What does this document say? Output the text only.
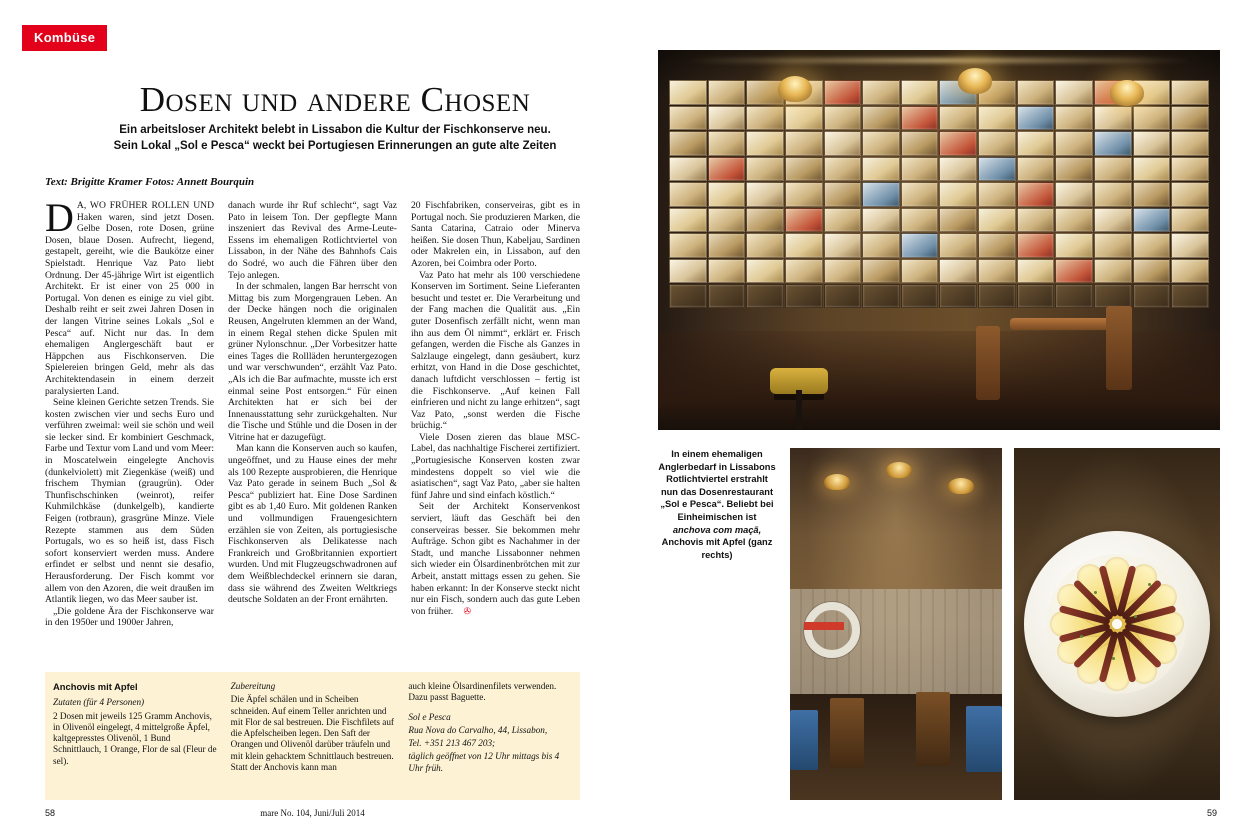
Kombüse
Dosen und andere Chosen
Ein arbeitsloser Architekt belebt in Lissabon die Kultur der Fischkonserve neu.
Sein Lokal „Sol e Pesca“ weckt bei Portugiesen Erinnerungen an gute alte Zeiten
Text: Brigitte Kramer Fotos: Annett Bourquin

D A, WO FRÜHER ROLLEN UND Haken waren, sind jetzt Dosen. Gelbe Dosen, rote Dosen, grüne Dosen, blaue Dosen. Aufrecht, liegend, gestapelt, gereiht, wie die Baukötze einer Spielstadt. Henrique Vaz Pato liebt Ordnung. Der 45-jährige Wirt ist eigentlich Architekt. Er ist einer von 25 000 in Portugal. Von denen es einige zu viel gibt. Deshalb reiht er seit zwei Jahren Dosen in der langen Vitrine seines Lokals „Sol e Pesca“ auf. Nicht nur das. In dem ehemaligen Anglergeschäft baut er Häppchen aus Fischkonserven. Die Spielereien bringen Geld, mehr als das Architektendasein in einem derzeit paralysierten Land.

Seine kleinen Gerichte setzen Trends. Sie kosten zwischen vier und sechs Euro und verführen zweimal: weil sie schön und weil sie lecker sind. Er kombiniert Geschmack, Farbe und Textur vom Land und vom Meer: in Moscatelwein eingelegte Anchovis (dunkelviolett) mit Ziegenkäse (weiß) und frischem Thymian (graugrün). Oder Thunfischschinken (weinrot), reifer Kuhmilchkäse (dunkelgelb), kandierte Feigen (rotbraun), grasgrüne Minze. Viele Rezepte stammen aus dem Süden Portugals, wo es so heiß ist, dass Fisch sofort konserviert werden muss. Andere erfindet er selbst und nennt sie desafio, Herausforderung. Der Fisch kommt vor allem von den Azoren, die weit draußen im Atlantik liegen, wo das Meer sauber ist.

„Die goldene Ära der Fischkonserve war in den 1950er und 1900er Jahren,

danach wurde ihr Ruf schlecht“, sagt Vaz Pato in leisem Ton. Der gepflegte Mann inszeniert das Revival des Arme-Leute-Essens im ehemaligen Rotlichtviertel von Lissabon, in der Nähe des Bahnhofs Cais do Sodré, wo auch die Fähren über den Tejo anlegen.

In der schmalen, langen Bar herrscht von Mittag bis zum Morgengrauen Leben. An der Decke hängen noch die originalen Reusen, Angelruten klemmen an der Wand, in einem Regal stehen dicke Spulen mit grüner Nylonschnur. „Der Vorbesitzer hatte eines Tages die Rollläden heruntergezogen und war verschwunden“, erzählt Vaz Pato. „Als ich die Bar aufmachte, musste ich erst einmal seine Post entsorgen.“ Für einen Architekten hat er sich bei der Innenausstattung sehr zurückgehalten. Nur die Tische und Stühle und die Dosen in der Vitrine hat er dazugefügt.

Man kann die Konserven auch so kaufen, ungeöffnet, und zu Hause eines der mehr als 100 Rezepte ausprobieren, die Henrique Vaz Pato gerade in seinem Buch „Sol & Pesca“ publiziert hat. Eine Dose Sardinen gibt es ab 1,40 Euro. Mit goldenen Ranken und vollmundigen Frauengesichtern erzählen sie von Zeiten, als portugiesische Fischkonserven als Delikatesse nach Frankreich und Großbritannien exportiert wurden. Und mit Flugzeugschwadronen auf dem Weißblechdeckel erinnern sie daran, dass sie während des Zweiten Weltkriegs deutsche Soldaten an der Front ernährten.

20 Fischfabriken, conserveiras, gibt es in Portugal noch. Sie produzieren Marken, die Santa Catarina, Catraio oder Minerva heißen. Sie dosen Thun, Kabeljau, Sardinen oder Makrelen ein, in Lissabon, auf den Azoren, bei Coimbra oder Porto.

Vaz Pato hat mehr als 100 verschiedene Konserven im Sortiment. Seine Lieferanten besucht und testet er. Die Verarbeitung und der Fang machen die Qualität aus. „Ein guter Dosenfisch zerfällt nicht, wenn man ihn aus dem Öl nimmt“, erklärt er. Frisch gefangen, werden die Fische als Ganzes in Salzlauge eingelegt, dann gesäubert, kurz erhitzt, von Hand in die Dose geschichtet, danach luftdicht verschlossen – fertig ist die Fischkonserve. „Auf keinen Fall einfrieren und nicht zu lange erhitzen“, sagt Vaz Pato, „sonst werden die Fische brüchig.“

Viele Dosen zieren das blaue MSC-Label, das nachhaltige Fischerei zertifiziert. „Portugiesische Konserven kosten zwar mindestens doppelt so viel wie die asiatischen“, sagt Vaz Pato, „aber sie halten fünf Jahre und sind einfach köstlich.“

Seit der Architekt Konservenkost serviert, läuft das Geschäft bei den conserveiras besser. Sie bekommen mehr Aufträge. Schon gibt es Nachahmer in der Stadt, und manche Lissabonner nehmen sich wieder ein Ölsardinenbrötchen mit zur Arbeit, anstatt mittags essen zu gehen. Sie haben erkannt: In der Konserve steckt nicht nur ein Fisch, sondern auch das gute Leben von früher. ✇

Anchovis mit Apfel

Zutaten (für 4 Personen)

2 Dosen mit jeweils 125 Gramm Anchovis, in Olivenöl eingelegt, 4 mittelgroße Äpfel, kaltgepresstes Olivenöl, 1 Bund Schnittlauch, 1 Orange, Flor de sal (Fleur de sel).

Zubereitung

Die Äpfel schälen und in Scheiben schneiden. Auf einem Teller anrichten und mit Flor de sal bestreuen. Die Fischfilets auf die Apfelscheiben legen. Den Saft der Orangen und Olivenöl darüber träufeln und mit klein gehacktem Schnittlauch bestreuen. Statt der Anchovis kann man

auch kleine Ölsardinenfilets verwenden. Dazu passt Baguette.

Sol e Pesca

Rua Nova do Carvalho, 44, Lissabon,

Tel. +351 213 467 203;

täglich geöffnet von 12 Uhr mittags bis 4 Uhr früh.

58	mare No. 104, Juni/Juli 2014
In einem ehemaligen Anglerbedarf in Lissabons Rotlichtviertel erstrahlt nun das Dosenrestaurant „Sol e Pesca“. Beliebt bei Einheimischen ist anchova com maçã, Anchovis mit Apfel (ganz rechts)
59
